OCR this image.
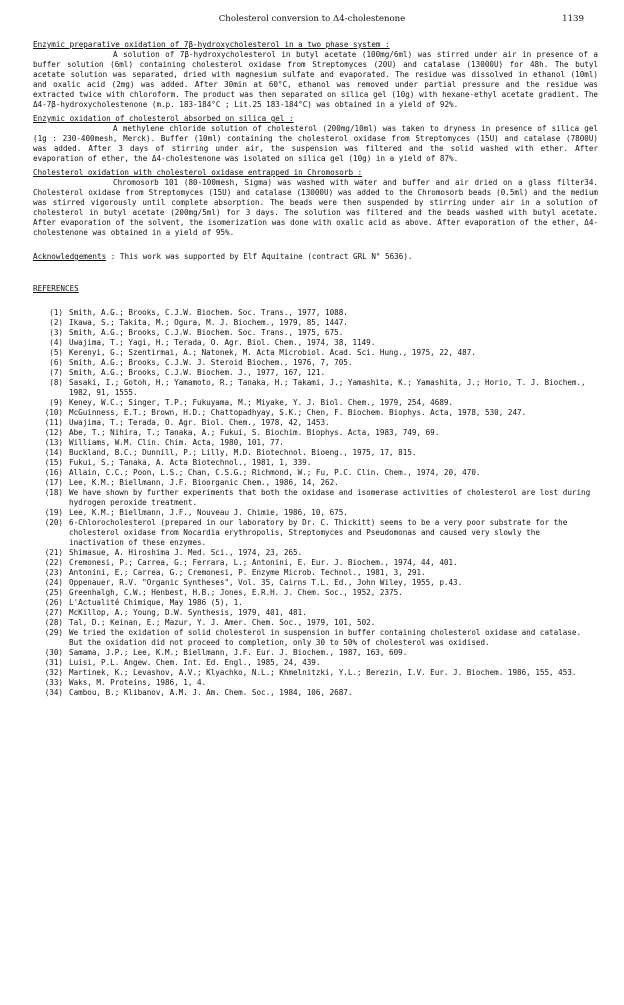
Cholesterol conversion to Δ4-cholestenone	1139

Enzymic preparative oxidation of 7β-hydroxycholesterol in a two phase system :

A solution of 7β-hydroxycholesterol in butyl acetate (100mg/6ml) was stirred under air in presence of a buffer solution (6ml) containing cholesterol oxidase from Streptomyces (20U) and catalase (13000U) for 48h. The butyl acetate solution was separated, dried with magnesium sulfate and evaporated. The residue was dissolved in ethanol (10ml) and oxalic acid (2mg) was added. After 30min at 60°C, ethanol was removed under partial pressure and the residue was extracted twice with chloroform. The product was then separated on silica gel (10g) with hexane-ethyl acetate gradient. The Δ4-7β-hydroxycholestenone (m.p. 183-184°C ; Lit.25 183-184°C) was obtained in a yield of 92%.

Enzymic oxidation of cholesterol absorbed on silica gel :

A methylene chloride solution of cholesterol (200mg/10ml) was taken to dryness in presence of silica gel (1g : 230-400mesh, Merck). Buffer (10ml) containing the cholesterol oxidase from Streptomyces (15U) and catalase (7800U) was added. After 3 days of stirring under air, the suspension was filtered and the solid washed with ether. After evaporation of ether, the Δ4-cholestenone was isolated on silica gel (10g) in a yield of 87%.

Cholesterol oxidation with cholesterol oxidase entrapped in Chromosorb :

Chromosorb 101 (80-100mesh, Sigma) was washed with water and buffer and air dried on a glass filter34. Cholesterol oxidase from Streptomyces (15U) and catalase (13000U) was added to the Chromosorb beads (0.5ml) and the medium was stirred vigorously until complete absorption. The beads were then suspended by stirring under air in a solution of cholesterol in butyl acetate (200mg/5ml) for 3 days. The solution was filtered and the beads washed with butyl acetate. After evaporation of the solvent, the isomerization was done with oxalic acid as above. After evaporation of the ether, Δ4-cholestenone was obtained in a yield of 95%.

Acknowledgements : This work was supported by Elf Aquitaine (contract GRL N° 5636).

REFERENCES

(1) Smith, A.G.; Brooks, C.J.W. Biochem. Soc. Trans., 1977, 1088.
(2) Ikawa, S.; Takita, M.; Ogura, M. J. Biochem., 1979, 85, 1447.
(3) Smith, A.G.; Brooks, C.J.W. Biochem. Soc. Trans., 1975, 675.
(4) Uwajima, T.; Yagi, H.; Terada, O. Agr. Biol. Chem., 1974, 38, 1149.
(5) Kerenyi, G.; Szentirmai, A.; Natonek, M. Acta Microbiol. Acad. Sci. Hung., 1975, 22, 487.
(6) Smith, A.G.; Brooks, C.J.W. J. Steroid Biochem., 1976, 7, 705.
(7) Smith, A.G.; Brooks, C.J.W. Biochem. J., 1977, 167, 121.
(8) Sasaki, I.; Gotoh, H.; Yamamoto, R.; Tanaka, H.; Takami, J.; Yamashita, K.; Yamashita, J.; Horio, T. J. Biochem., 1982, 91, 1555.
(9) Keney, W.C.; Singer, T.P.; Fukuyama, M.; Miyake, Y. J. Biol. Chem., 1979, 254, 4689.
(10) McGuinness, E.T.; Brown, H.D.; Chattopadhyay, S.K.; Chen, F. Biochem. Biophys. Acta, 1978, 530, 247.
(11) Uwajima, T.; Terada, O. Agr. Biol. Chem., 1978, 42, 1453.
(12) Abe, T.; Nihira, T.; Tanaka, A.; Fukui, S. Biochim. Biophys. Acta, 1983, 749, 69.
(13) Williams, W.M. Clin. Chim. Acta, 1980, 101, 77.
(14) Buckland, B.C.; Dunnill, P.; Lilly, M.D. Biotechnol. Bioeng., 1975, 17, 815.
(15) Fukui, S.; Tanaka, A. Acta Biotechnol., 1981, 1, 339.
(16) Allain, C.C.; Poon, L.S.; Chan, C.S.G.; Richmond, W.; Fu, P.C. Clin. Chem., 1974, 20, 470.
(17) Lee, K.M.; Biellmann, J.F. Bioorganic Chem., 1986, 14, 262.
(18) We have shown by further experiments that both the oxidase and isomerase activities of cholesterol are lost during hydrogen peroxide treatment.
(19) Lee, K.M.; Biellmann, J.F., Nouveau J. Chimie, 1986, 10, 675.
(20) 6-Chlorocholesterol (prepared in our laboratory by Dr. C. Thickitt) seems to be a very poor substrate for the cholesterol oxidase from Nocardia erythropolis, Streptomyces and Pseudomonas and caused very slowly the inactivation of these enzymes.
(21) Shimasue, A. Hiroshima J. Med. Sci., 1974, 23, 265.
(22) Cremonesi, P.; Carrea, G.; Ferrara, L.; Antonini, E. Eur. J. Biochem., 1974, 44, 401.
(23) Antonini, E.; Carrea, G.; Cremonesi, P. Enzyme Microb. Technol., 1981, 3, 291.
(24) Oppenauer, R.V. "Organic Syntheses", Vol. 35, Cairns T.L. Ed., John Wiley, 1955, p.43.
(25) Greenhalgh, C.W.; Henbest, H.B.; Jones, E.R.H. J. Chem. Soc., 1952, 2375.
(26) L'Actualité Chimique, May 1986 (5), 1.
(27) McKillop, A.; Young, D.W. Synthesis, 1979, 401, 481.
(28) Tal, D.; Keinan, E.; Mazur, Y. J. Amer. Chem. Soc., 1979, 101, 502.
(29) We tried the oxidation of solid cholesterol in suspension in buffer containing cholesterol oxidase and catalase. But the oxidation did not proceed to completion, only 30 to 50% of cholesterol was oxidised.
(30) Samama, J.P.; Lee, K.M.; Biellmann, J.F. Eur. J. Biochem., 1987, 163, 609.
(31) Luisi, P.L. Angew. Chem. Int. Ed. Engl., 1985, 24, 439.
(32) Martinek, K.; Levashov, A.V.; Klyachko, N.L.; Khmelnitzki, Y.L.; Berezin, I.V. Eur. J. Biochem. 1986, 155, 453.
(33) Waks, M. Proteins, 1986, 1, 4.
(34) Cambou, B.; Klibanov, A.M. J. Am. Chem. Soc., 1984, 106, 2687.
